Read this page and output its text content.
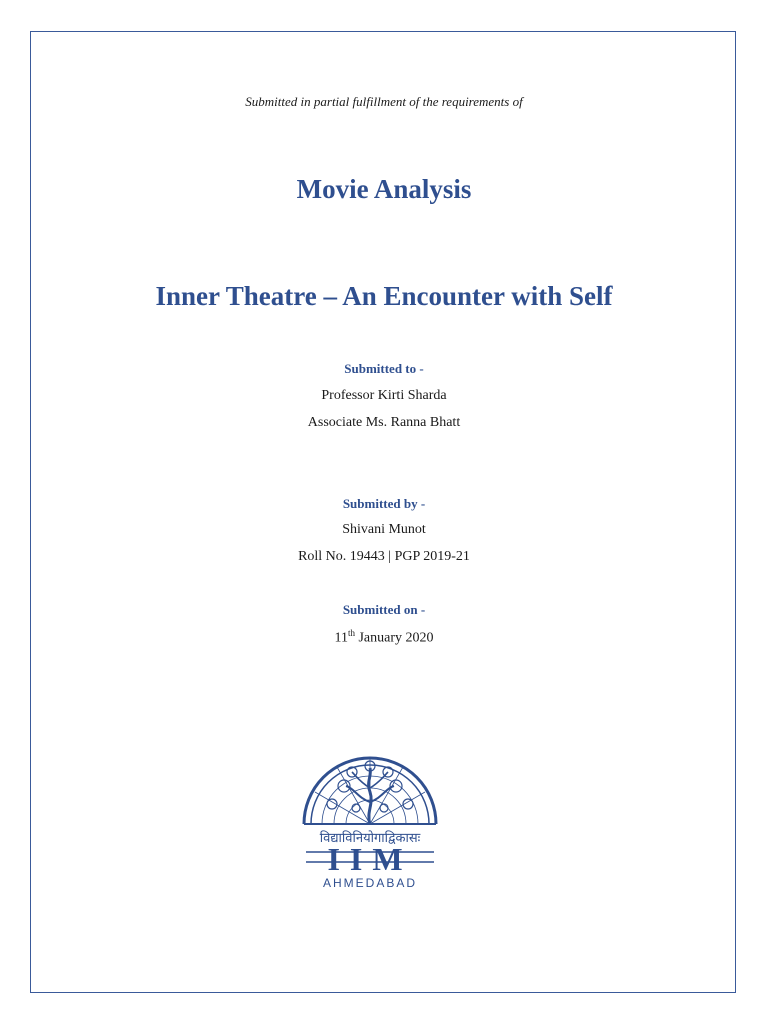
Submitted in partial fulfillment of the requirements of
Movie Analysis
Inner Theatre – An Encounter with Self
Submitted to -
Professor Kirti Sharda
Associate Ms. Ranna Bhatt
Submitted by -
Shivani Munot
Roll No. 19443 | PGP 2019-21
Submitted on -
11th January 2020
विद्याविनियोगाद्विकासः
IIM
AHMEDABAD
